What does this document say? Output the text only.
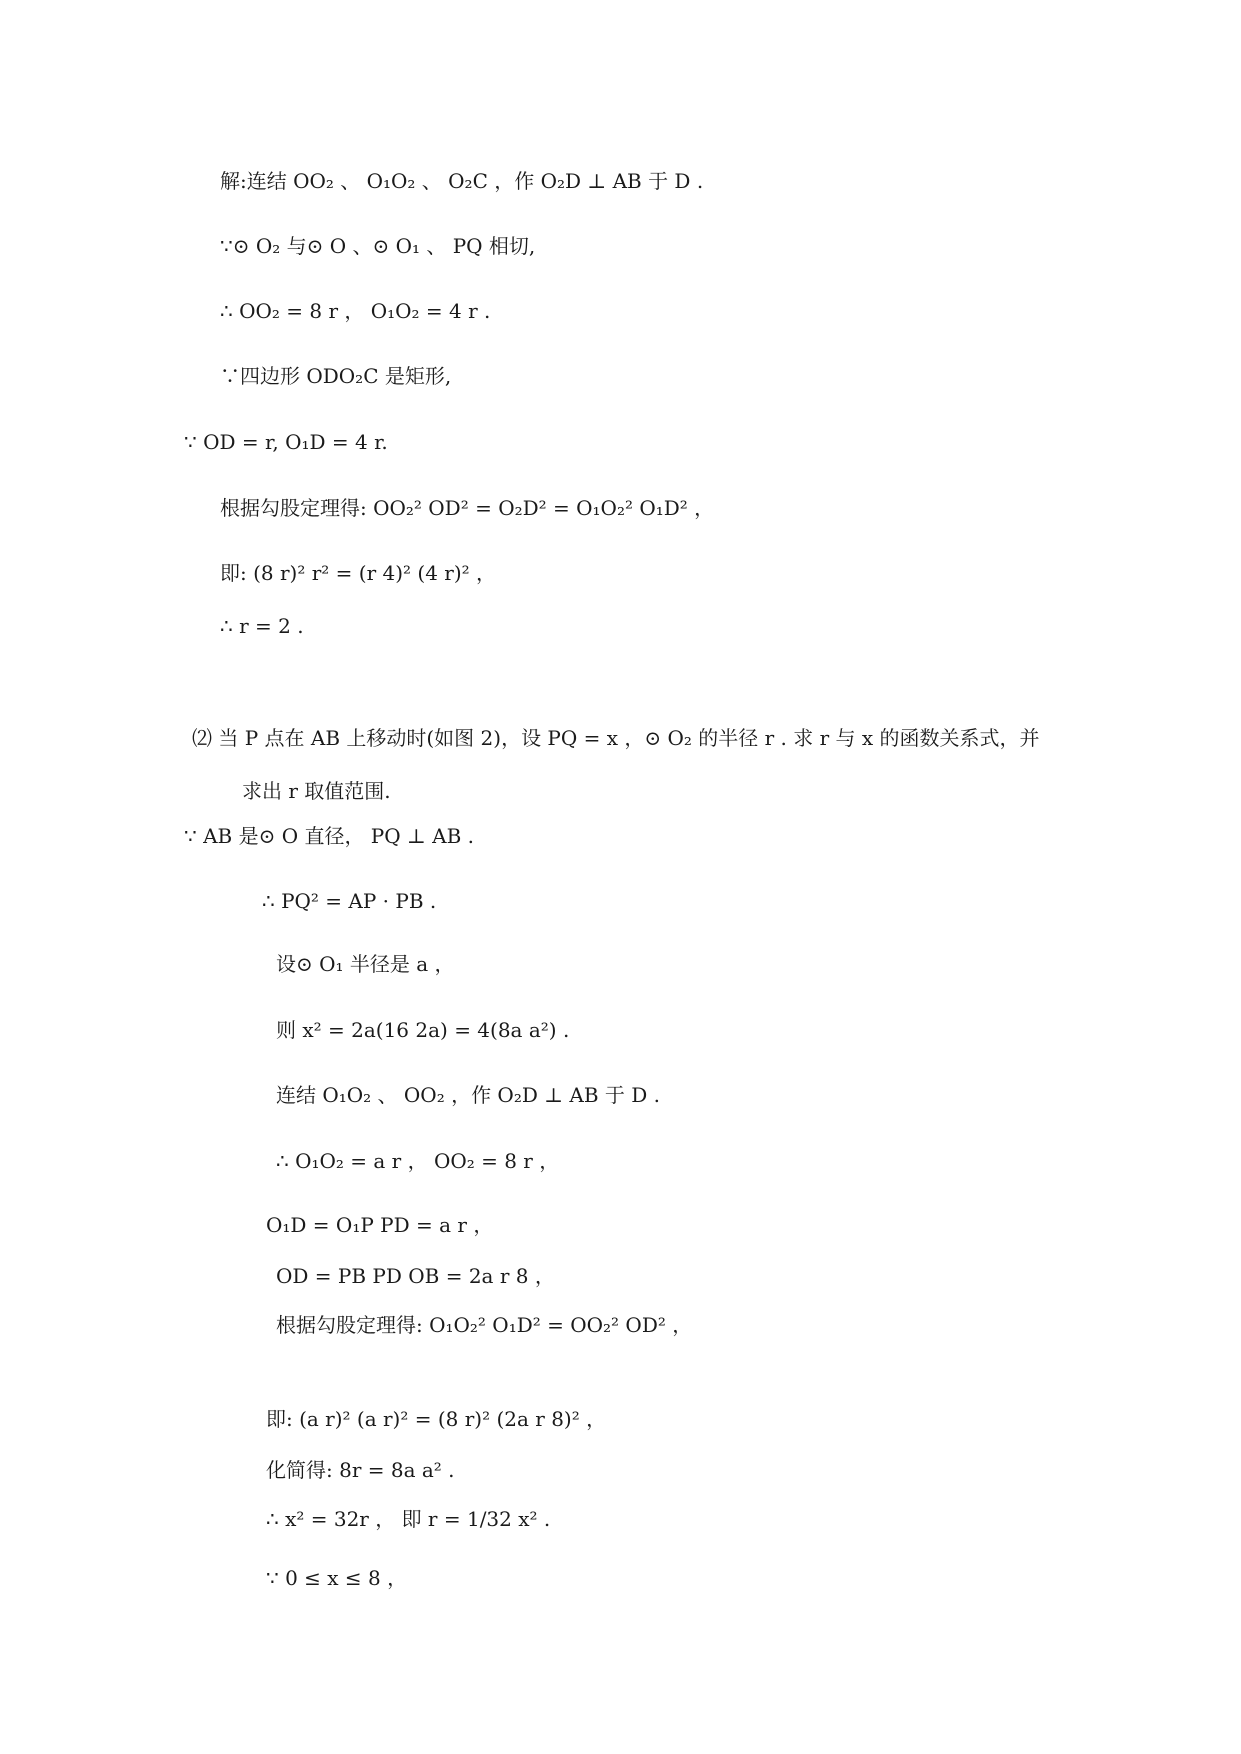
解:连结 OO₂ 、 O₁O₂ 、 O₂C ，作 O₂D ⊥ AB 于 D .
∵⊙ O₂ 与⊙ O 、⊙ O₁ 、 PQ 相切,
∴ OO₂ = 8 r ， O₁O₂ = 4 r .
∵四边形 ODO₂C 是矩形,
∵ OD = r, O₁D = 4 r.
根据勾股定理得: OO₂² OD² = O₂D² = O₁O₂² O₁D² ，
即: (8 r)² r² = (r 4)² (4 r)² ，
∴ r = 2 .
⑵ 当 P 点在 AB 上移动时(如图 2)，设 PQ = x ，⊙ O₂ 的半径 r . 求 r 与 x 的函数关系式，并
求出 r 取值范围.
∵ AB 是⊙ O 直径， PQ ⊥ AB .
∴ PQ² = AP · PB .
设⊙ O₁ 半径是 a ，
则 x² = 2a(16 2a) = 4(8a a²) .
连结 O₁O₂ 、 OO₂ ，作 O₂D ⊥ AB 于 D .
∴ O₁O₂ = a r ， OO₂ = 8 r ，
O₁D = O₁P PD = a r ，
OD = PB PD OB = 2a r 8 ，
根据勾股定理得: O₁O₂² O₁D² = OO₂² OD² ，
即: (a r)² (a r)² = (8 r)² (2a r 8)² ，
化简得: 8r = 8a a² .
∴ x² = 32r ， 即 r = 1/32 x² .
∵ 0 ≤ x ≤ 8 ，
